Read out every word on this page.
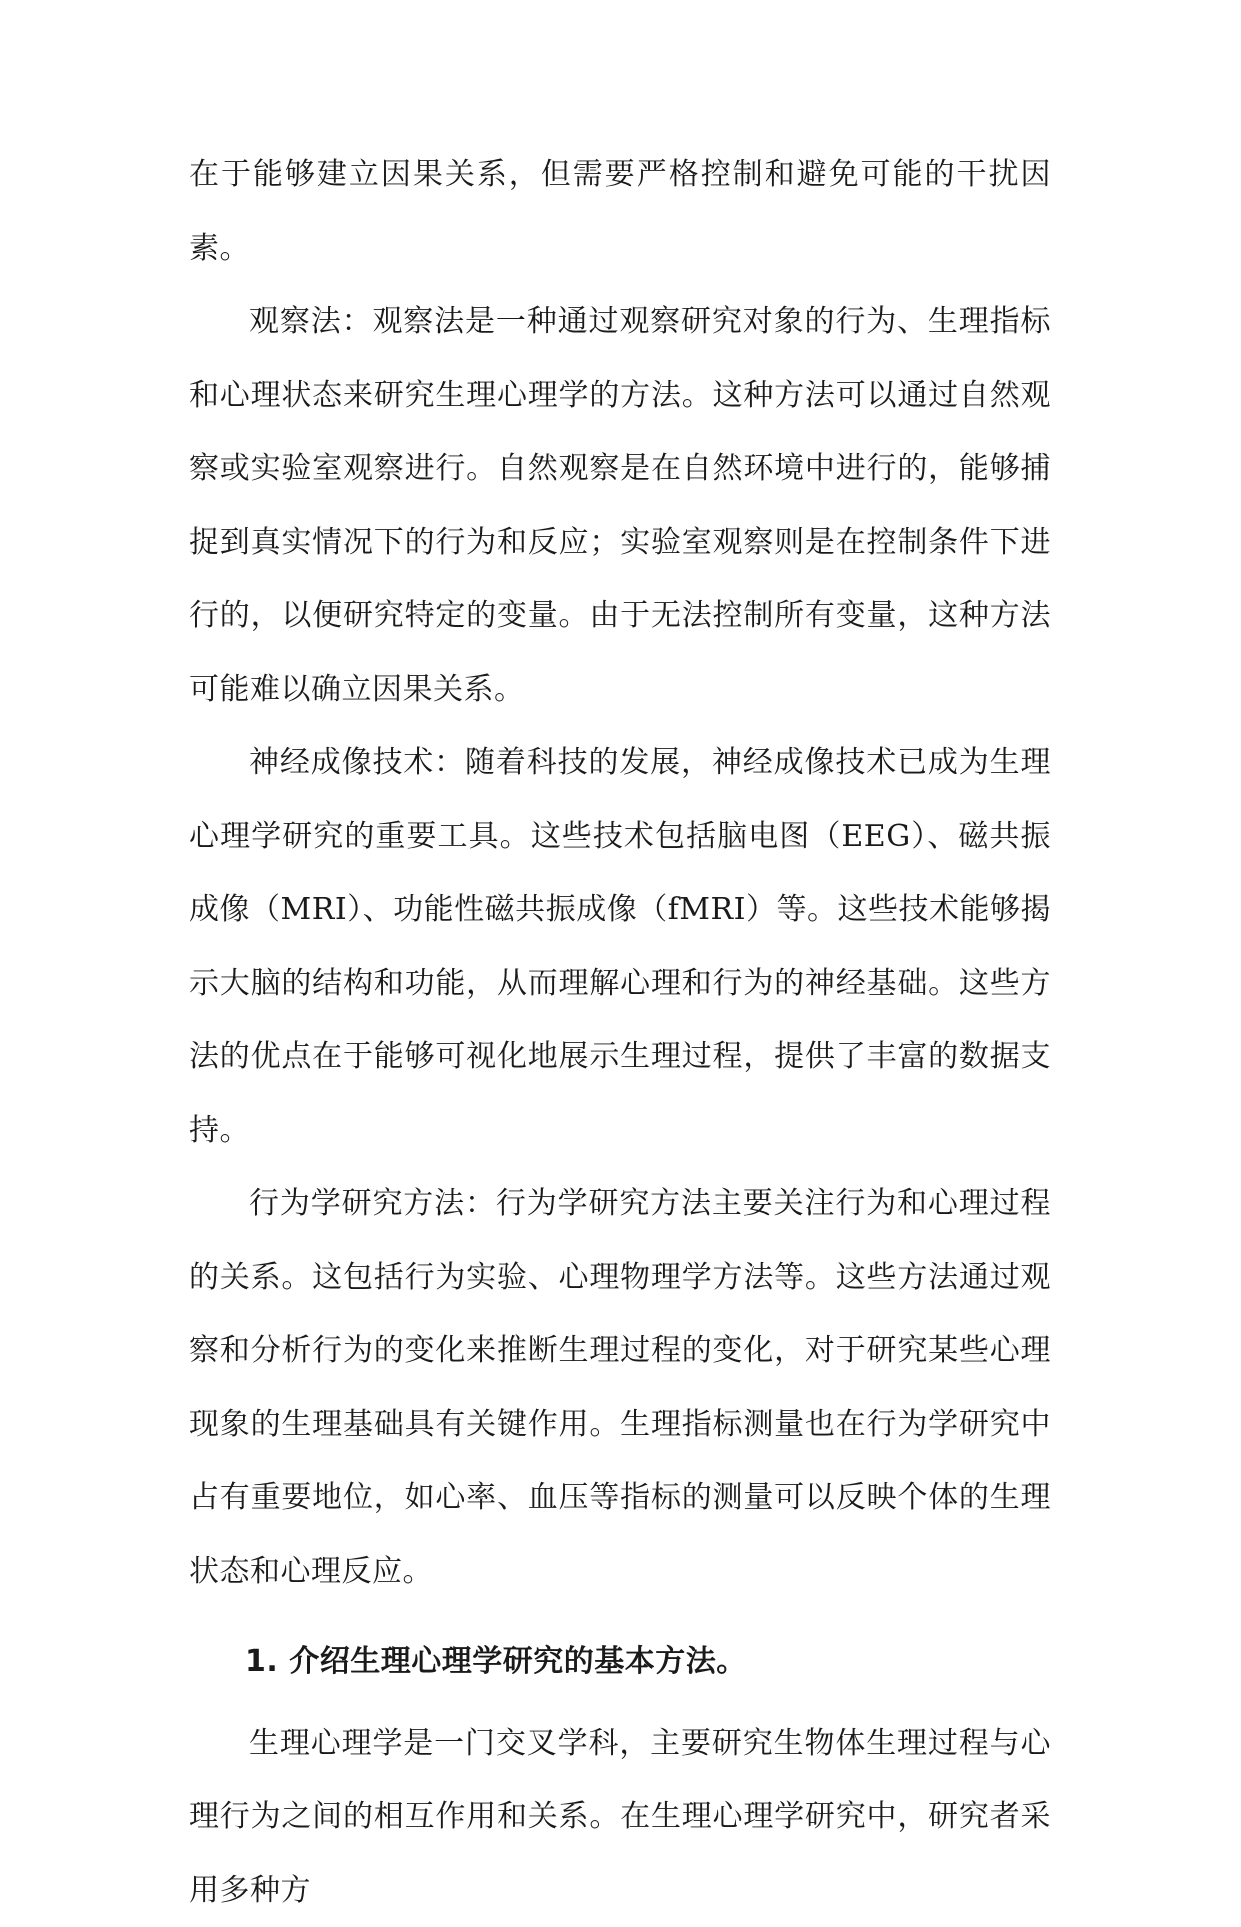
在于能够建立因果关系，但需要严格控制和避免可能的干扰因素。

观察法：观察法是一种通过观察研究对象的行为、生理指标和心理状态来研究生理心理学的方法。这种方法可以通过自然观察或实验室观察进行。自然观察是在自然环境中进行的，能够捕捉到真实情况下的行为和反应；实验室观察则是在控制条件下进行的，以便研究特定的变量。由于无法控制所有变量，这种方法可能难以确立因果关系。

神经成像技术：随着科技的发展，神经成像技术已成为生理心理学研究的重要工具。这些技术包括脑电图（EEG）、磁共振成像（MRI）、功能性磁共振成像（fMRI）等。这些技术能够揭示大脑的结构和功能，从而理解心理和行为的神经基础。这些方法的优点在于能够可视化地展示生理过程，提供了丰富的数据支持。

行为学研究方法：行为学研究方法主要关注行为和心理过程的关系。这包括行为实验、心理物理学方法等。这些方法通过观察和分析行为的变化来推断生理过程的变化，对于研究某些心理现象的生理基础具有关键作用。生理指标测量也在行为学研究中占有重要地位，如心率、血压等指标的测量可以反映个体的生理状态和心理反应。

1. 介绍生理心理学研究的基本方法。

生理心理学是一门交叉学科，主要研究生物体生理过程与心理行为之间的相互作用和关系。在生理心理学研究中，研究者采用多种方
